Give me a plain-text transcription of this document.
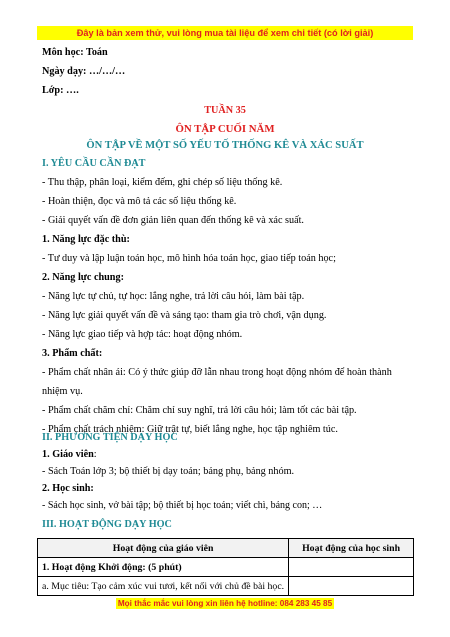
Đây là bản xem thử, vui lòng mua tài liệu để xem chi tiết (có lời giải)
Môn học: Toán
Ngày dạy: …/…/…
Lớp: ….
TUẦN 35
ÔN TẬP CUỐI NĂM
ÔN TẬP VỀ MỘT SỐ YẾU TỐ THỐNG KÊ VÀ XÁC SUẤT
I. YÊU CẦU CẦN ĐẠT
- Thu thập, phân loại, kiểm đếm, ghi chép số liệu thống kê.
- Hoàn thiện, đọc và mô tả các số liệu thống kê.
- Giải quyết vấn đề đơn giản liên quan đến thống kê và xác suất.
1. Năng lực đặc thù:
- Tư duy và lập luận toán học, mô hình hóa toán học, giao tiếp toán học;
2. Năng lực chung:
- Năng lực tự chủ, tự học: lắng nghe, trả lời câu hỏi, làm bài tập.
- Năng lực giải quyết vấn đề và sáng tạo: tham gia trò chơi, vận dụng.
- Năng lực giao tiếp và hợp tác: hoạt động nhóm.
3. Phẩm chất:
- Phẩm chất nhân ái: Có ý thức giúp đỡ lẫn nhau trong hoạt động nhóm để hoàn thành
nhiệm vụ.
- Phẩm chất chăm chỉ: Chăm chỉ suy nghĩ, trả lời câu hỏi; làm tốt các bài tập.
- Phẩm chất trách nhiệm: Giữ trật tự, biết lắng nghe, học tập nghiêm túc.
II. PHƯƠNG TIỆN DẠY HỌC
1. Giáo viên:
- Sách Toán lớp 3; bộ thiết bị dạy toán; bảng phụ, bảng nhóm.
2. Học sinh:
- Sách học sinh, vở bài tập; bộ thiết bị học toán; viết chì, bảng con; …
Hoạt động của giáo viên	Hoạt động của học sinh
1. Hoạt động Khởi động: (5 phút)	
a. Mục tiêu: Tạo cảm xúc vui tươi, kết nối với chủ đề bài học.	
Mọi thắc mắc vui lòng xin liên hệ hotline: 084 283 45 85
III. HOẠT ĐỘNG DẠY HỌC
